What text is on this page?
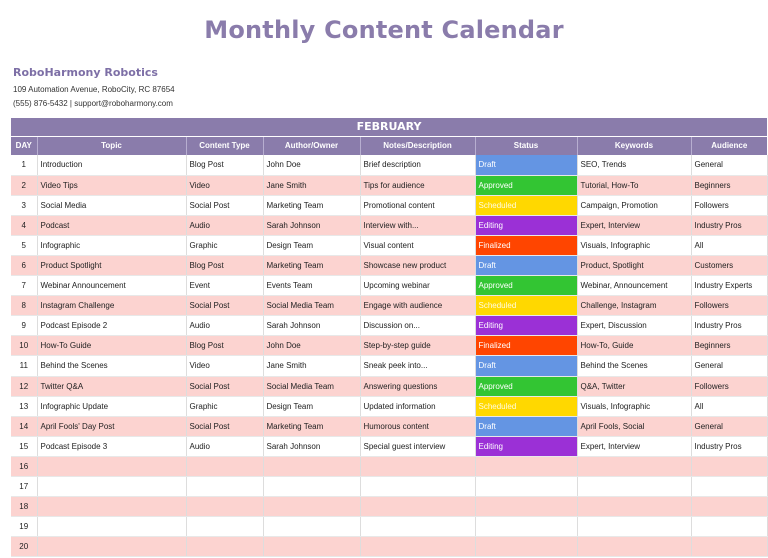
Monthly Content Calendar
RoboHarmony Robotics
109 Automation Avenue, RoboCity, RC 87654
(555) 876-5432 | support@roboharmony.com
FEBRUARY							
DAY	Topic	Content Type	Author/Owner	Notes/Description	Status	Keywords	Audience
1	Introduction	Blog Post	John Doe	Brief description	Draft	SEO, Trends	General
2	Video Tips	Video	Jane Smith	Tips for audience	Approved	Tutorial, How-To	Beginners
3	Social Media	Social Post	Marketing Team	Promotional content	Scheduled	Campaign, Promotion	Followers
4	Podcast	Audio	Sarah Johnson	Interview with...	Editing	Expert, Interview	Industry Pros
5	Infographic	Graphic	Design Team	Visual content	Finalized	Visuals, Infographic	All
6	Product Spotlight	Blog Post	Marketing Team	Showcase new product	Draft	Product, Spotlight	Customers
7	Webinar Announcement	Event	Events Team	Upcoming webinar	Approved	Webinar, Announcement	Industry Experts
8	Instagram Challenge	Social Post	Social Media Team	Engage with audience	Scheduled	Challenge, Instagram	Followers
9	Podcast Episode 2	Audio	Sarah Johnson	Discussion on...	Editing	Expert, Discussion	Industry Pros
10	How-To Guide	Blog Post	John Doe	Step-by-step guide	Finalized	How-To, Guide	Beginners
11	Behind the Scenes	Video	Jane Smith	Sneak peek into...	Draft	Behind the Scenes	General
12	Twitter Q&A	Social Post	Social Media Team	Answering questions	Approved	Q&A, Twitter	Followers
13	Infographic Update	Graphic	Design Team	Updated information	Scheduled	Visuals, Infographic	All
14	April Fools' Day Post	Social Post	Marketing Team	Humorous content	Draft	April Fools, Social	General
15	Podcast Episode 3	Audio	Sarah Johnson	Special guest interview	Editing	Expert, Interview	Industry Pros
16							
17							
18							
19							
20							
